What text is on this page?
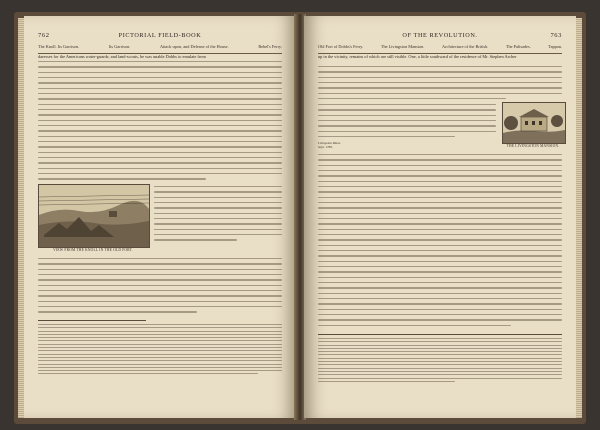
762	PICTORIAL FIELD-BOOK
The Knoll. Its Garrison.	Its Garrison.	Attack upon, and Defense of the House.	Rebel's Ferry.
daresses for the Americans water-guards; and land-scouts, he was unable Dobbs to emulate from
VIEW FROM THE KNOLL IN THE OLD FORT.
OF THE REVOLUTION.	763
Old Fort of Dobbs's Ferry.	The Livingston Mansion.	Architecture of the British.	The Palisades.	Tappan.
up in the vicinity, remains of which are still visible. One, a little southward of the residence of Mr. Stephen Archer
Livingston Mans. Sept. 1789.	THE LIVINGSTON MANSION.
